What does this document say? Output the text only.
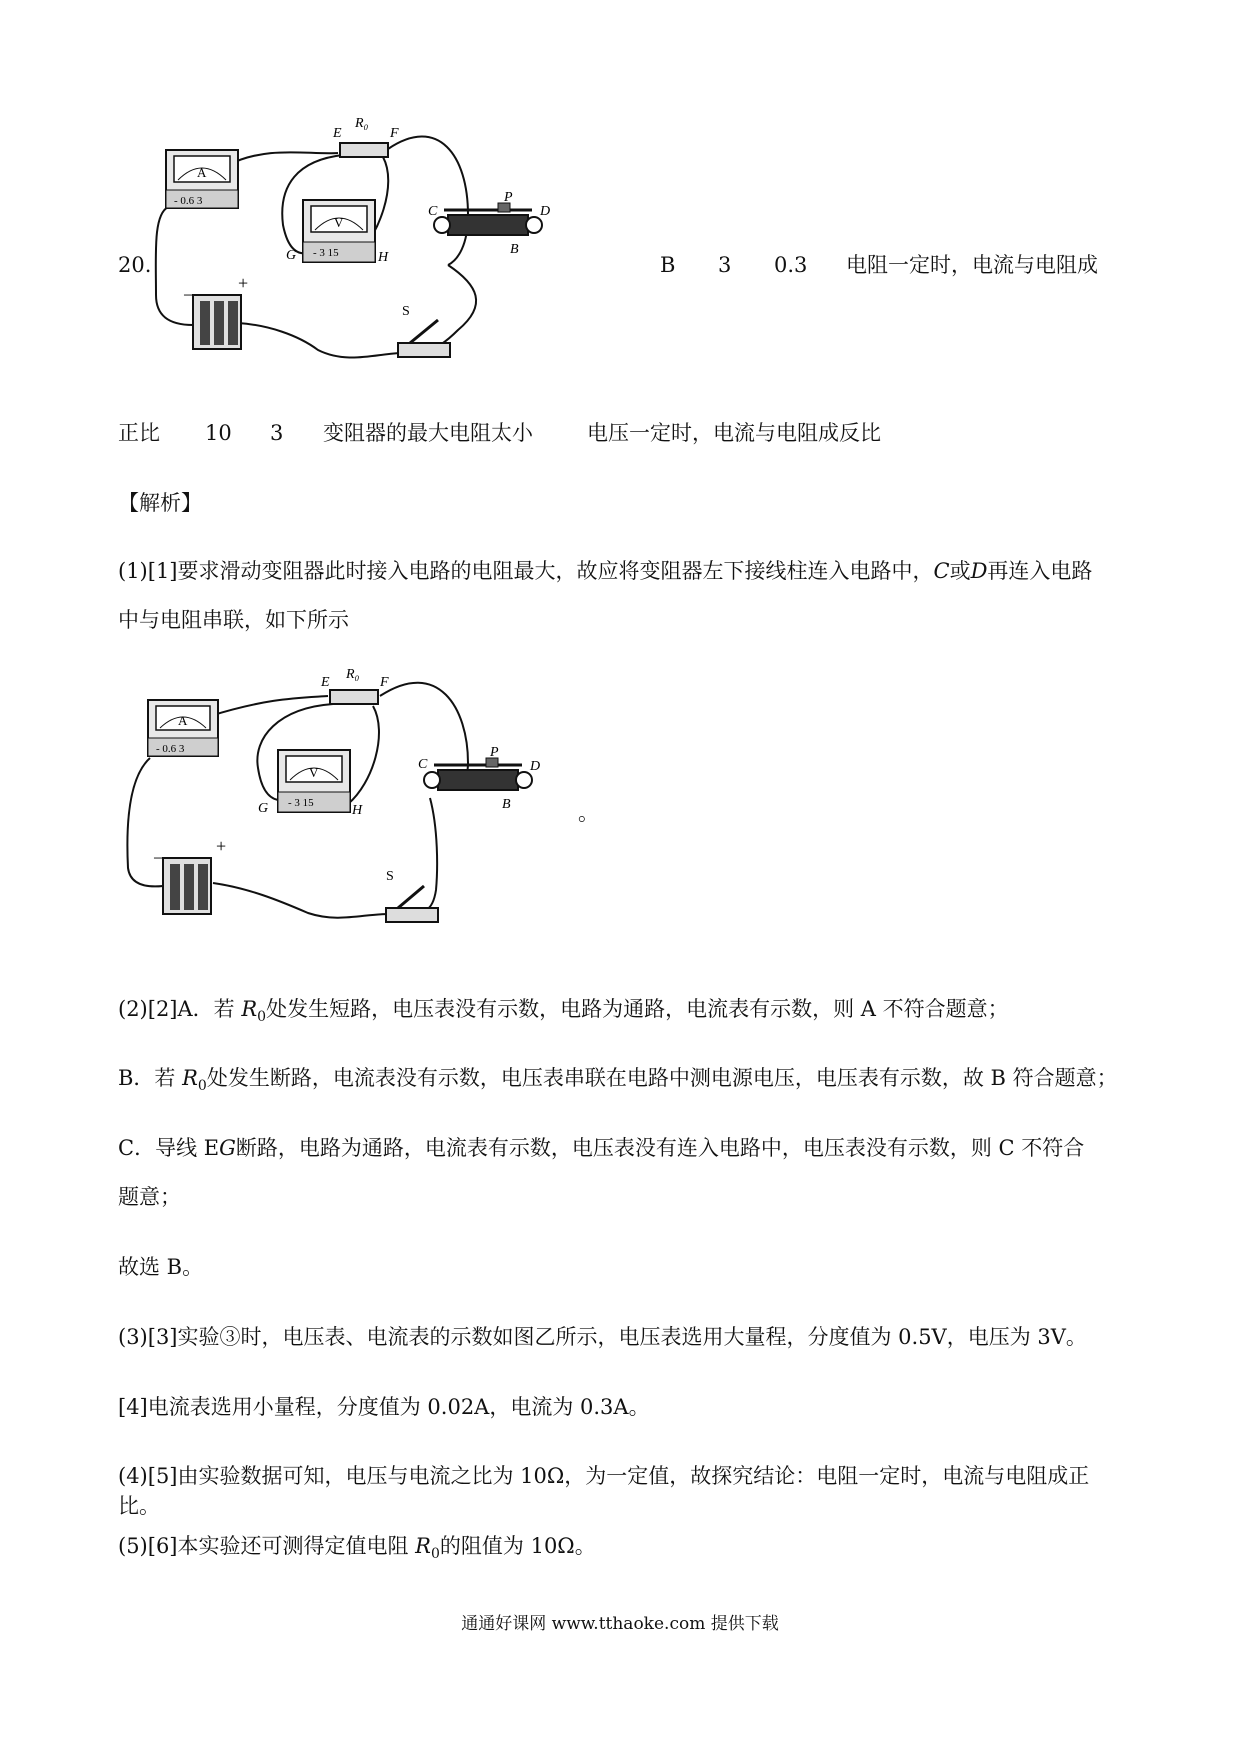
20.
A
- 0.6 3
E
R₀
F
V
- 3 15
G	H
C
P
D
B
−
+
S
B 3 0.3 电阻一定时，电流与电阻成
正比 10 3 变阻器的最大电阻太小	电压一定时，电流与电阻成反比
【解析】
(1)[1]要求滑动变阻器此时接入电路的电阻最大，故应将变阻器左下接线柱连入电路中，C或D再连入电路
中与电阻串联，如下所示
A
- 0.6 3
E
R₀
F
V
- 3 15
G	H
C
P
D
B
−
+
S
。
(2)[2]A．若 $R_0$处发生短路，电压表没有示数，电路为通路，电流表有示数，则 A 不符合题意；
B．若 $R_0$处发生断路，电流表没有示数，电压表串联在电路中测电源电压，电压表有示数，故 B 符合题意；
C．导线 EG断路，电路为通路，电流表有示数，电压表没有连入电路中，电压表没有示数，则 C 不符合
题意；
故选 B。
(3)[3]实验③时，电压表、电流表的示数如图乙所示，电压表选用大量程，分度值为 0.5V，电压为 3V。
[4]电流表选用小量程，分度值为 0.02A，电流为 0.3A。
(4)[5]由实验数据可知，电压与电流之比为 10Ω，为一定值，故探究结论：电阻一定时，电流与电阻成正比。
(5)[6]本实验还可测得定值电阻 $R_0$的阻值为 10Ω。
通通好课网 www.tthaoke.com 提供下载
